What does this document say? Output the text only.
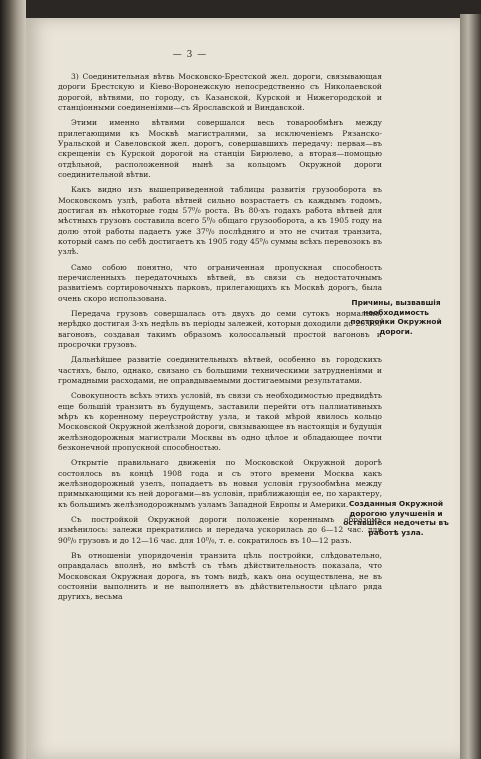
— 3 —

3) Соединительная вѣтвь Московско-Брестской жел. дороги, связывающая дороги Брестскую и Кіево-Воронежскую непосредственно съ Николаевской дорогой, вѣтвями, по городу, съ Казанской, Курской и Нижегородской и станціонными соединеніями—съ Ярославской и Виндавской.

Этими именно вѣтвями совершался весь товарообмѣнъ между прилегающими къ Москвѣ магистралями, за исключеніемъ Рязанско-Уральской и Савеловской жел. дорогъ, совершавшихъ передачу: первая—въ скрещеніи съ Курской дорогой на станціи Бирюлево, а вторая—помощью отдѣльной, расположенной нынѣ за кольцомъ Окружной дороги соединительной вѣтви.

Какъ видно изъ вышеприведенной таблицы развитія грузооборота въ Московскомъ узлѣ, работа вѣтвей сильно возрастаетъ съ каждымъ годомъ, достигая въ нѣкоторые годы 57⁰/₀ роста. Въ 80-хъ годахъ работа вѣтвей для мѣстныхъ грузовъ составила всего 5⁰/₀ общаго грузооборота, а къ 1905 году на долю этой работы падаетъ уже 37⁰/₀ послѣдняго и это не считая транзита, который самъ по себѣ достигаетъ къ 1905 году 45⁰/₀ суммы всѣхъ перевозокъ въ узлѣ.

Само собою понятно, что ограниченная пропускная способность перечисленныхъ передаточныхъ вѣтвей, въ связи съ недостаточнымъ развитіемъ сортировочныхъ парковъ, прилегающихъ къ Москвѣ дорогъ, была очень скоро использована.

Передача грузовъ совершалась отъ двухъ до семи сутокъ нормально, нерѣдко достигая 3-хъ недѣль въ періоды залежей, которыя доходили до 20.000 вагоновъ, создавая такимъ образомъ колоссальный простой вагоновъ и просрочки грузовъ.

Дальнѣйшее развитіе соединительныхъ вѣтвей, особенно въ городскихъ частяхъ, было, однако, связано съ большими техническими затрудненіями и громадными расходами, не оправдываемыми достигаемыми результатами.

Совокупность всѣхъ этихъ условій, въ связи съ необходимостью предвидѣть еще большій транзитъ въ будущемъ, заставили перейти отъ паллиативныхъ мѣръ къ коренному переустройству узла, и такой мѣрой явилось кольцо Московской Окружной желѣзной дороги, связывающее въ настоящія и будущія желѣзнодорожныя магистрали Москвы въ одно цѣлое и обладающее почти безконечной пропускной способностью.

Открытіе правильнаго движенія по Московской Окружной дорогѣ состоялось въ концѣ 1908 года и съ этого времени Москва какъ желѣзнодорожный узелъ, попадаетъ въ новыя условія грузообмѣна между примыкающими къ ней дорогами—въ условія, приближающія ее, по характеру, къ большимъ желѣзнодорожнымъ узламъ Западной Европы и Америки.

Съ постройкой Окружной дороги положеніе кореннымъ образомъ измѣнилось: залежи прекратились и передача ускорилась до 6—12 час. для 90⁰/₀ грузовъ и до 12—16 час. для 10⁰/₀, т. е. сократилось въ 10—12 разъ.

Въ отношеніи упорядоченія транзита цѣль постройки, слѣдовательно, оправдалась вполнѣ, но вмѣстѣ съ тѣмъ дѣйствительность показала, что Московская Окружная дорога, въ томъ видѣ, какъ она осуществлена, не въ состояніи выполнить и не выполняетъ въ дѣйствительности цѣлаго ряда другихъ, весьма

Причины, вызвавшія необходимость постройки Окружной дороги.
Созданныя Окружной дорогою улучшенія и оставшіеся недочеты въ работѣ узла.
